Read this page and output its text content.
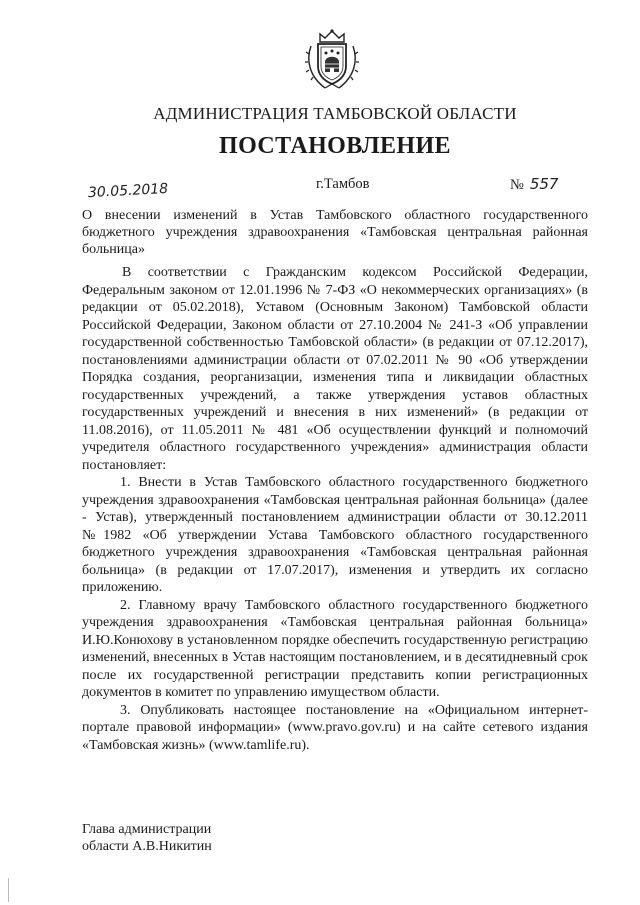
АДМИНИСТРАЦИЯ ТАМБОВСКОЙ ОБЛАСТИ
ПОСТАНОВЛЕНИЕ
30.05.2018	г.Тамбов	№ 557
О внесении изменений в Устав Тамбовского областного государственного бюджетного учреждения здравоохранения «Тамбовская центральная районная больница»

В соответствии с Гражданским кодексом Российской Федерации, Федеральным законом от 12.01.1996 № 7-ФЗ «О некоммерческих организациях» (в редакции от 05.02.2018), Уставом (Основным Законом) Тамбовской области Российской Федерации, Законом области от 27.10.2004 № 241-З «Об управлении государственной собственностью Тамбовской области» (в редакции от 07.12.2017), постановлениями администрации области от 07.02.2011 № 90 «Об утверждении Порядка создания, реорганизации, изменения типа и ликвидации областных государственных учреждений, а также утверждения уставов областных государственных учреждений и внесения в них изменений» (в редакции от 11.08.2016), от 11.05.2011 № 481 «Об осуществлении функций и полномочий учредителя областного государственного учреждения» администрация области постановляет:

1. Внести в Устав Тамбовского областного государственного бюджетного учреждения здравоохранения «Тамбовская центральная районная больница» (далее - Устав), утвержденный постановлением администрации области от 30.12.2011 №1982 «Об утверждении Устава Тамбовского областного государственного бюджетного учреждения здравоохранения «Тамбовская центральная районная больница» (в редакции от 17.07.2017), изменения и утвердить их согласно приложению.

2. Главному врачу Тамбовского областного государственного бюджетного учреждения здравоохранения «Тамбовская центральная районная больница» И.Ю.Конюхову в установленном порядке обеспечить государственную регистрацию изменений, внесенных в Устав настоящим постановлением, и в десятидневный срок после их государственной регистрации представить копии регистрационных документов в комитет по управлению имуществом области.

3. Опубликовать настоящее постановление на «Официальном интернет-портале правовой информации» (www.pravo.gov.ru) и на сайте сетевого издания «Тамбовская жизнь» (www.tamlife.ru).

Глава администрации
области А.В.Никитин
